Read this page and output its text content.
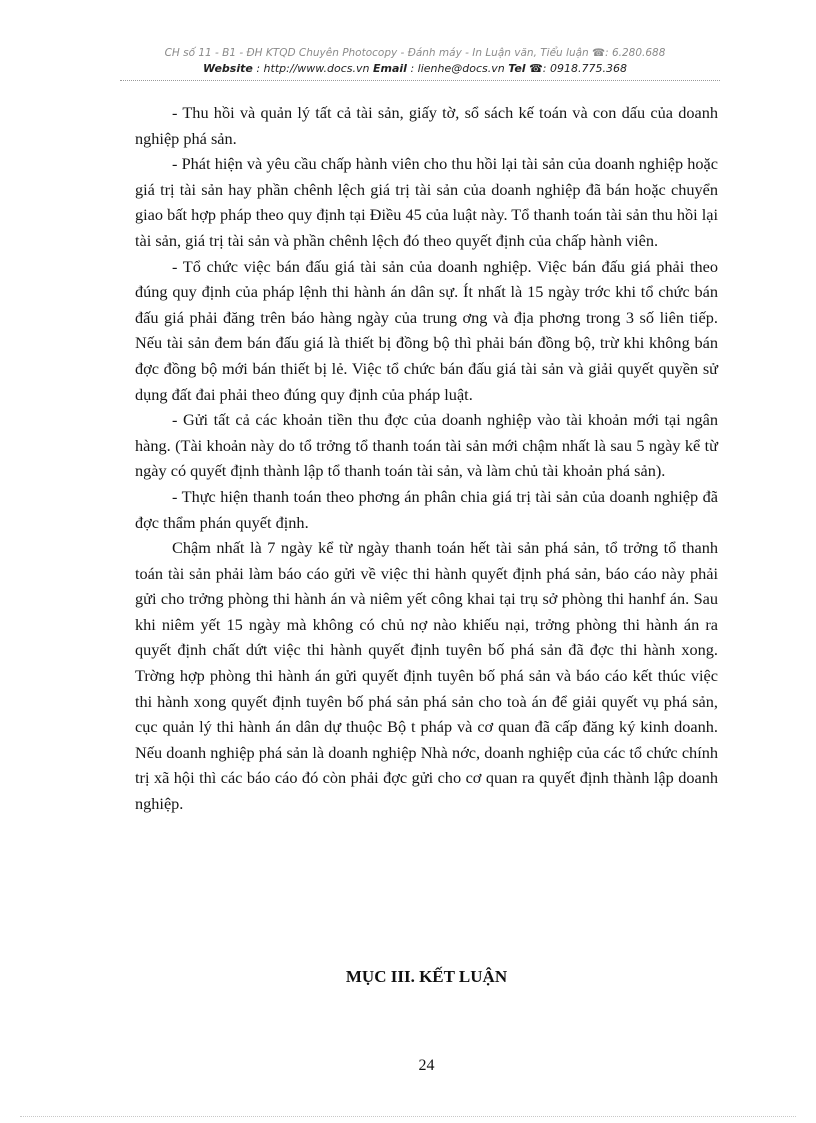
CH số 11 - B1 - ĐH KTQD Chuyên Photocopy - Đánh máy - In Luận văn, Tiểu luận ☎: 6.280.688
Website : http://www.docs.vn Email : lienhe@docs.vn Tel ☎: 0918.775.368

- Thu hồi và quản lý tất cả tài sản, giấy tờ, sổ sách kế toán và con dấu của doanh nghiệp phá sản.

- Phát hiện và yêu cầu chấp hành viên cho thu hồi lại tài sản của doanh nghiệp hoặc giá trị tài sản hay phần chênh lệch giá trị tài sản của doanh nghiệp đã bán hoặc chuyển giao bất hợp pháp theo quy định tại Điều 45 của luật này. Tổ thanh toán tài sản thu hồi lại tài sản, giá trị tài sản và phần chênh lệch đó theo quyết định của chấp hành viên.

- Tổ chức việc bán đấu giá tài sản của doanh nghiệp. Việc bán đấu giá phải theo đúng quy định của pháp lệnh thi hành án dân sự. Ít nhất là 15 ngày trớc khi tổ chức bán đấu giá phải đăng trên báo hàng ngày của trung ơng và địa phơng trong 3 số liên tiếp. Nếu tài sản đem bán đấu giá là thiết bị đồng bộ thì phải bán đồng bộ, trừ khi không bán đợc đồng bộ mới bán thiết bị lẻ. Việc tổ chức bán đấu giá tài sản và giải quyết quyền sử dụng đất đai phải theo đúng quy định của pháp luật.

- Gửi tất cả các khoản tiền thu đợc của doanh nghiệp vào tài khoản mới tại ngân hàng. (Tài khoản này do tổ trởng tổ thanh toán tài sản mới chậm nhất là sau 5 ngày kể từ ngày có quyết định thành lập tổ thanh toán tài sản, và làm chủ tài khoản phá sản).

- Thực hiện thanh toán theo phơng án phân chia giá trị tài sản của doanh nghiệp đã đợc thẩm phán quyết định.

Chậm nhất là 7 ngày kể từ ngày thanh toán hết tài sản phá sản, tổ trởng tổ thanh toán tài sản phải làm báo cáo gửi về việc thi hành quyết định phá sản, báo cáo này phải gửi cho trởng phòng thi hành án và niêm yết công khai tại trụ sở phòng thi hanhf án. Sau khi niêm yết 15 ngày mà không có chủ nợ nào khiếu nại, trởng phòng thi hành án ra quyết định chất dứt việc thi hành quyết định tuyên bố phá sản đã đợc thi hành xong. Trờng hợp phòng thi hành án gửi quyết định tuyên bố phá sản và báo cáo kết thúc việc thi hành xong quyết định tuyên bố phá sản phá sản cho toà án để giải quyết vụ phá sản, cục quản lý thi hành án dân dự thuộc Bộ t pháp và cơ quan đã cấp đăng ký kinh doanh. Nếu doanh nghiệp phá sản là doanh nghiệp Nhà nớc, doanh nghiệp của các tổ chức chính trị xã hội thì các báo cáo đó còn phải đợc gửi cho cơ quan ra quyết định thành lập doanh nghiệp.

MỤC III. KẾT LUẬN
24
